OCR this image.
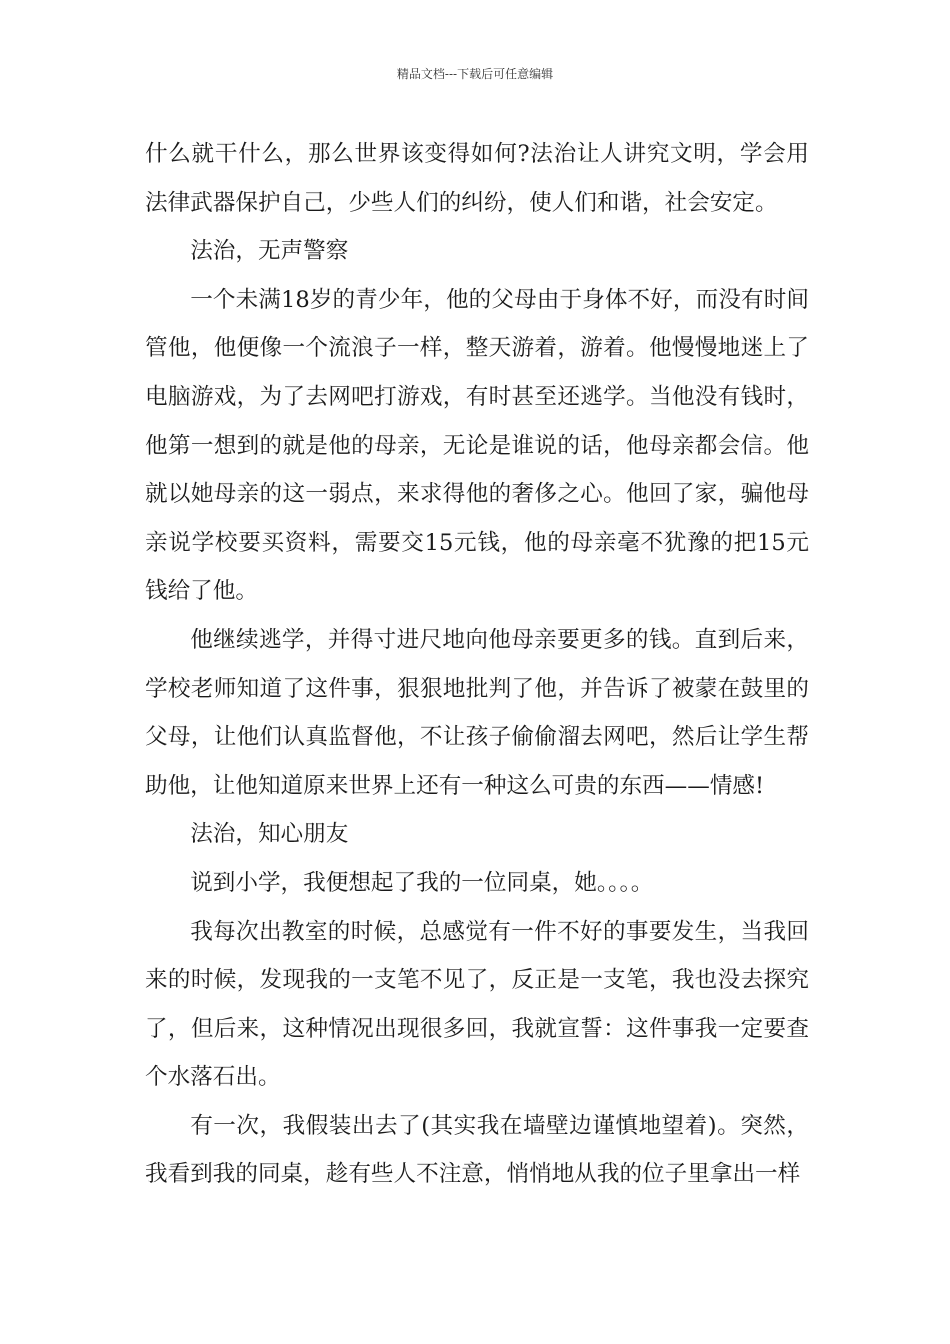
精品文档---下载后可任意编辑

什么就干什么，那么世界该变得如何?法治让人讲究文明，学会用法律武器保护自己，少些人们的纠纷，使人们和谐，社会安定。

法治，无声警察

一个未满18岁的青少年，他的父母由于身体不好，而没有时间管他，他便像一个流浪子一样，整天游着，游着。他慢慢地迷上了电脑游戏，为了去网吧打游戏，有时甚至还逃学。当他没有钱时，他第一想到的就是他的母亲，无论是谁说的话，他母亲都会信。他就以她母亲的这一弱点，来求得他的奢侈之心。他回了家，骗他母亲说学校要买资料，需要交15元钱，他的母亲毫不犹豫的把15元钱给了他。

他继续逃学，并得寸进尺地向他母亲要更多的钱。直到后来，学校老师知道了这件事，狠狠地批判了他，并告诉了被蒙在鼓里的父母，让他们认真监督他，不让孩子偷偷溜去网吧，然后让学生帮助他，让他知道原来世界上还有一种这么可贵的东西——情感!

法治，知心朋友

说到小学，我便想起了我的一位同桌，她。。。。

我每次出教室的时候，总感觉有一件不好的事要发生，当我回来的时候，发现我的一支笔不见了，反正是一支笔，我也没去探究了，但后来，这种情况出现很多回，我就宣誓：这件事我一定要查个水落石出。

有一次，我假装出去了(其实我在墙壁边谨慎地望着)。突然，我看到我的同桌，趁有些人不注意，悄悄地从我的位子里拿出一样
